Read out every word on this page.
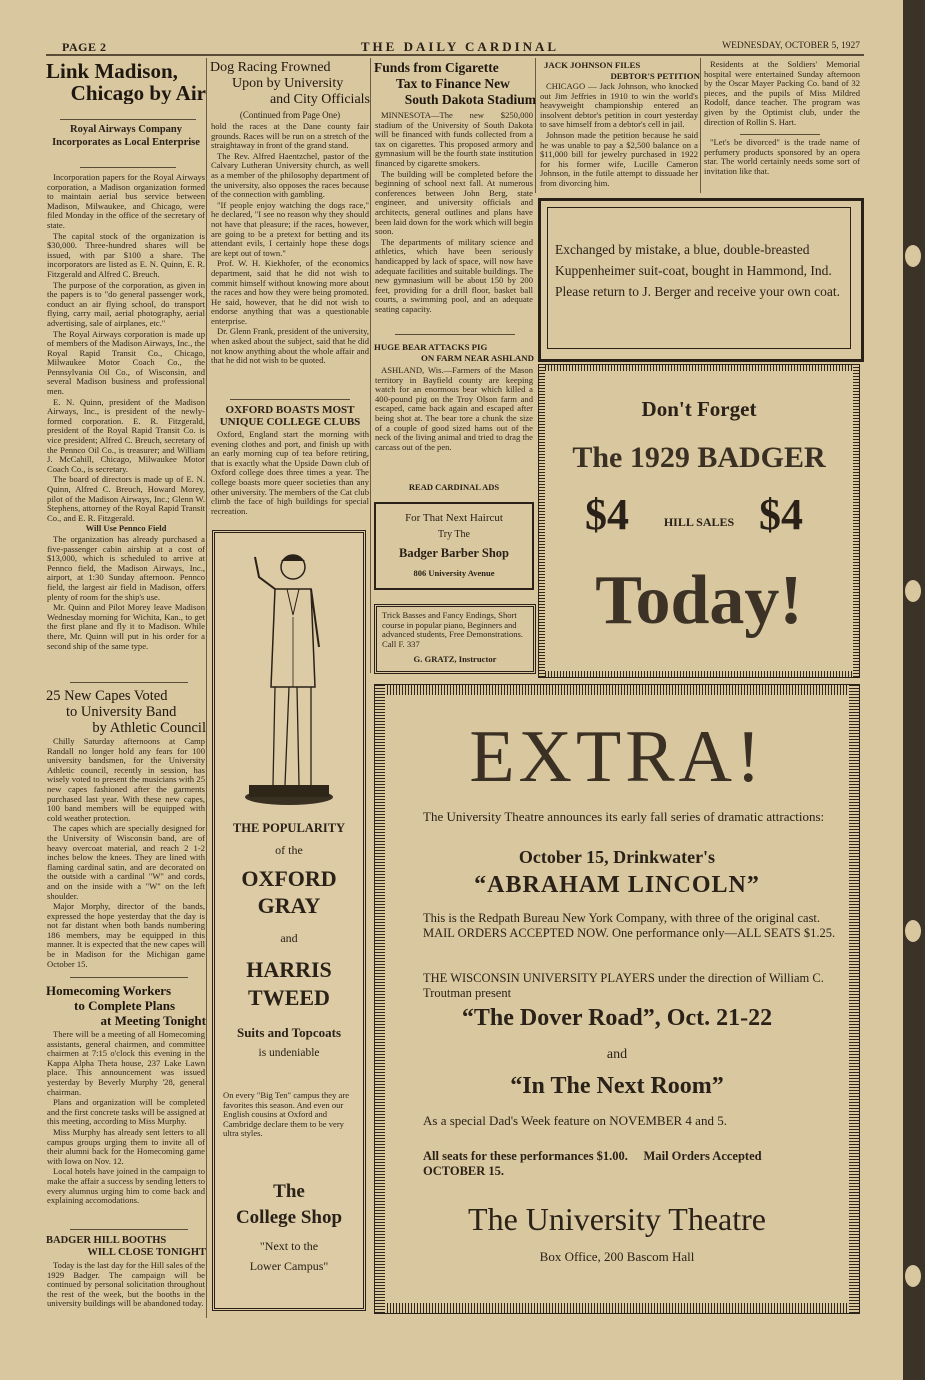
PAGE 2	THE DAILY CARDINAL	WEDNESDAY, OCTOBER 5, 1927
Link Madison,
Chicago by Air
Royal Airways Company Incorporates as Local Enterprise

Incorporation papers for the Royal Airways corporation, a Madison organization formed to maintain aerial bus service between Madison, Milwaukee, and Chicago, were filed Monday in the office of the secretary of state.

The capital stock of the organization is $30,000. Three-hundred shares will be issued, with par $100 a share. The incorporators are listed as E. N. Quinn, E. R. Fitzgerald and Alfred C. Breuch.

The purpose of the corporation, as given in the papers is to "do general passenger work, conduct an air flying school, do transport flying, carry mail, aerial photography, aerial advertising, sale of airplanes, etc."

The Royal Airways corporation is made up of members of the Madison Airways, Inc., the Royal Rapid Transit Co., Chicago, Milwaukee Motor Coach Co., the Pennsylvania Oil Co., of Wisconsin, and several Madison business and professional men.

E. N. Quinn, president of the Madison Airways, Inc., is president of the newly-formed corporation. E. R. Fitzgerald, president of the Royal Rapid Transit Co. is vice president; Alfred C. Breuch, secretary of the Pennco Oil Co., is treasurer; and William J. McCahill, Chicago, Milwaukee Motor Coach Co., is secretary.

The board of directors is made up of E. N. Quinn, Alfred C. Breuch, Howard Morey, pilot of the Madison Airways, Inc.; Glenn W. Stephens, attorney of the Royal Rapid Transit Co., and E. R. Fitzgerald.

Will Use Pennco Field

The organization has already purchased a five-passenger cabin airship at a cost of $13,000, which is scheduled to arrive at Pennco field, the Madison Airways, Inc., airport, at 1:30 Sunday afternoon. Pennco field, the largest air field in Madison, offers plenty of room for the ship's use.

Mr. Quinn and Pilot Morey leave Madison Wednesday morning for Wichita, Kan., to get the first plane and fly it to Madison. While there, Mr. Quinn will put in his order for a second ship of the same type.

25 New Capes Voted
to University Band
by Athletic Council

Chilly Saturday afternoons at Camp Randall no longer hold any fears for 100 university bandsmen, for the University Athletic council, recently in session, has wisely voted to present the musicians with 25 new capes fashioned after the garments purchased last year. With these new capes, 100 band members will be equipped with cold weather protection.

The capes which are specially designed for the University of Wisconsin band, are of heavy overcoat material, and reach 2 1-2 inches below the knees. They are lined with flaming cardinal satin, and are decorated on the outside with a cardinal "W" and cords, and on the inside with a "W" on the left shoulder.

Major Morphy, director of the bands, expressed the hope yesterday that the day is not far distant when both bands numbering 186 members, may be equipped in this manner. It is expected that the new capes will be in Madison for the Michigan game October 15.

Homecoming Workers
to Complete Plans
at Meeting Tonight

There will be a meeting of all Homecoming assistants, general chairmen, and committee chairmen at 7:15 o'clock this evening in the Kappa Alpha Theta house, 237 Lake Lawn place. This announcement was issued yesterday by Beverly Murphy '28, general chairman.

Plans and organization will be completed and the first concrete tasks will be assigned at this meeting, according to Miss Murphy.

Miss Murphy has already sent letters to all campus groups urging them to invite all of their alumni back for the Homecoming game with Iowa on Nov. 12.

Local hotels have joined in the campaign to make the affair a success by sending letters to every alumnus urging him to come back and explaining accomodations.

BADGER HILL BOOTHS
WILL CLOSE TONIGHT

Today is the last day for the Hill sales of the 1929 Badger. The campaign will be continued by personal solicitation throughout the rest of the week, but the booths in the university buildings will be abandoned today.

Dog Racing Frowned
Upon by University
and City Officials
(Continued from Page One)

hold the races at the Dane county fair grounds. Races will be run on a stretch of the straightaway in front of the grand stand.

The Rev. Alfred Haentzchel, pastor of the Calvary Lutheran University church, as well as a member of the philosophy department of the university, also opposes the races because of the connection with gambling.

"If people enjoy watching the dogs race," he declared, "I see no reason why they should not have that pleasure; if the races, however, are going to be a pretext for betting and its attendant evils, I certainly hope these dogs are kept out of town."

Prof. W. H. Kiekhofer, of the economics department, said that he did not wish to commit himself without knowing more about the races and how they were being promoted. He said, however, that he did not wish to endorse anything that was a questionable enterprise.

Dr. Glenn Frank, president of the university, when asked about the subject, said that he did not know anything about the whole affair and that he did not wish to be quoted.

OXFORD BOASTS MOST
UNIQUE COLLEGE CLUBS

Oxford, England start the morning with evening clothes and port, and finish up with an early morning cup of tea before retiring, that is exactly what the Upside Down club of Oxford college does three times a year. The college boasts more queer societies than any other university. The members of the Cat club climb the face of high buildings for special recreation.

THE POPULARITY
of the
OXFORD
GRAY
and
HARRIS
TWEED
Suits and Topcoats
is undeniable
On every "Big Ten" campus they are favorites this season. And even our English cousins at Oxford and Cambridge declare them to be very ultra styles.
The
College Shop
"Next to the
Lower Campus"
Funds from Cigarette
Tax to Finance New
South Dakota Stadium

MINNESOTA—The new $250,000 stadium of the University of South Dakota will be financed with funds collected from a tax on cigarettes. This proposed armory and gymnasium will be the fourth state institution financed by cigarette smokers.

The building will be completed before the beginning of school next fall. At numerous conferences between John Berg, state engineer, and university officials and architects, general outlines and plans have been laid down for the work which will begin soon.

The departments of military science and athletics, which have been seriously handicapped by lack of space, will now have adequate facilities and suitable buildings. The new gymnasium will be about 150 by 200 feet, providing for a drill floor, basket ball courts, a swimming pool, and an adequate seating capacity.

HUGE BEAR ATTACKS PIG
ON FARM NEAR ASHLAND

ASHLAND, Wis.—Farmers of the Mason territory in Bayfield county are keeping watch for an enormous bear which killed a 400-pound pig on the Troy Olson farm and escaped, came back again and escaped after being shot at. The bear tore a chunk the size of a couple of good sized hams out of the neck of the living animal and tried to drag the carcass out of the pen.

READ CARDINAL ADS
For That Next Haircut
Try The
Badger Barber Shop
806 University Avenue
Trick Basses and Fancy Endings, Short course in popular piano, Beginners and advanced students, Free Demonstrations. Call F. 337
G. GRATZ, Instructor
JACK JOHNSON FILES
DEBTOR'S PETITION

CHICAGO — Jack Johnson, who knocked out Jim Jeffries in 1910 to win the world's heavyweight championship entered an insolvent debtor's petition in court yesterday to save himself from a debtor's cell in jail.

Johnson made the petition because he said he was unable to pay a $2,500 balance on a $11,000 bill for jewelry purchased in 1922 for his former wife, Lucille Cameron Johnson, in the futile attempt to dissuade her from divorcing him.

Residents at the Soldiers' Memorial hospital were entertained Sunday afternoon by the Oscar Mayer Packing Co. band of 32 pieces, and the pupils of Miss Mildred Rodolf, dance teacher. The program was given by the Optimist club, under the direction of Rollin S. Hart.

"Let's be divorced" is the trade name of perfumery products sponsored by an opera star. The world certainly needs some sort of invitation like that.

Exchanged by mistake, a blue, double-breasted Kuppenheimer suit-coat, bought in Hammond, Ind. Please return to J. Berger and receive your own coat.
Don't Forget
The 1929 BADGER
$4	HILL SALES $4
Today!
EXTRA!
The University Theatre announces its early fall series of dramatic attractions:
October 15, Drinkwater's
“ABRAHAM LINCOLN”
This is the Redpath Bureau New York Company, with three of the original cast. MAIL ORDERS ACCEPTED NOW. One performance only—ALL SEATS $1.25.
THE WISCONSIN UNIVERSITY PLAYERS under the direction of William C. Troutman present
“The Dover Road”, Oct. 21-22
and
“In The Next Room”
As a special Dad's Week feature on NOVEMBER 4 and 5.
All seats for these performances $1.00.     Mail Orders Accepted OCTOBER 15.
The University Theatre
Box Office, 200 Bascom Hall
